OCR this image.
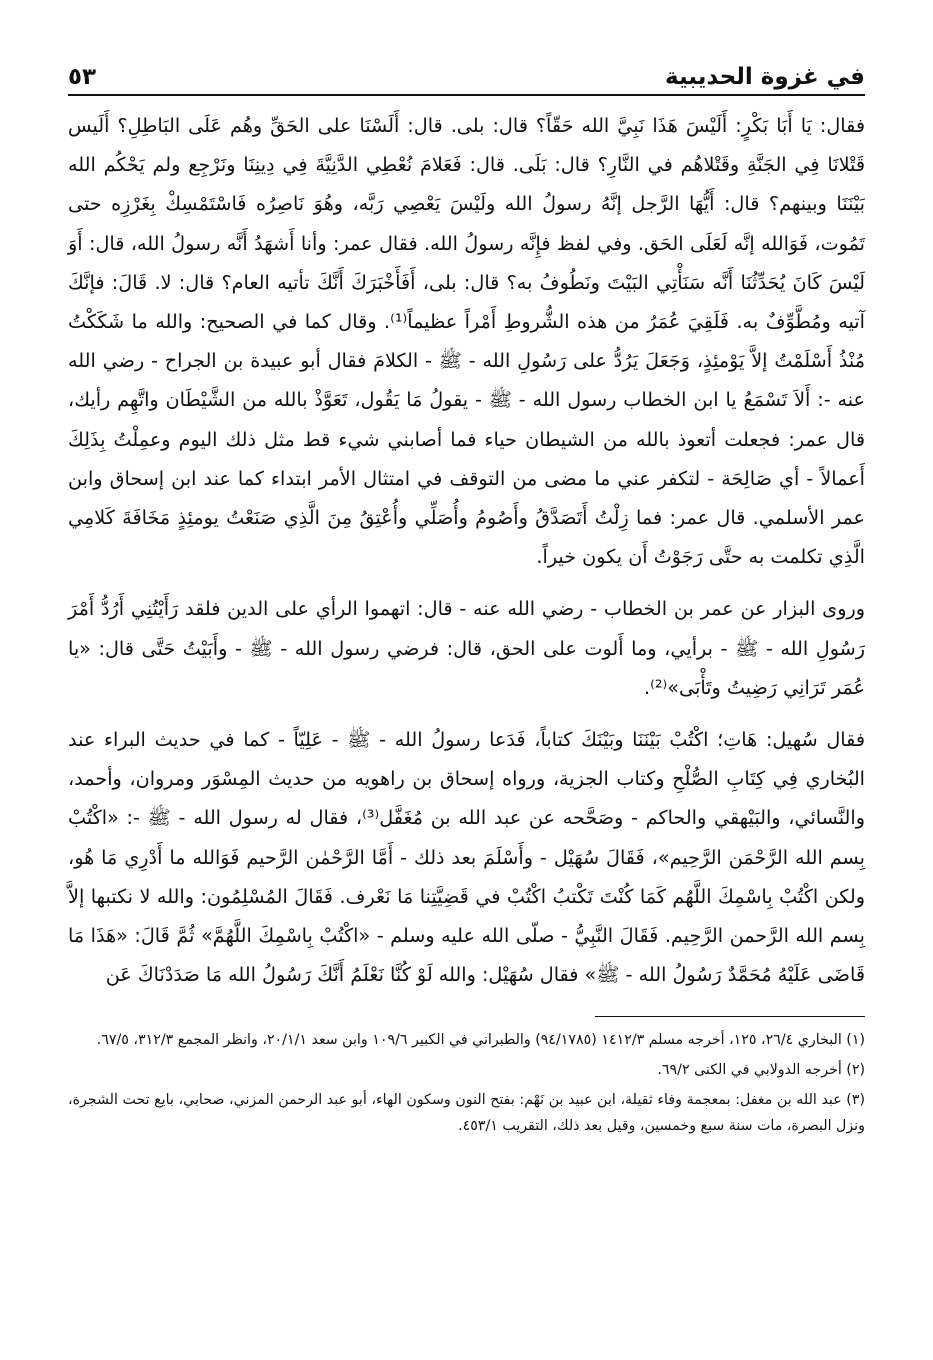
في غزوة الحديبية
٥٣

فقال: يَا أَبَا بَكْرٍ: أَلَيْسَ هَذَا نَبِيَّ الله حَقّاً؟ قال: بلى. قال: أَلَسْنَا على الحَقِّ وهُم عَلَى البَاطِلِ؟ أَلَيس قَتْلانَا فِي الجَنَّةِ وقَتْلاهُم في النَّارِ؟ قال: بَلَى. قال: فَعَلامَ نُعْطِي الدَّنِيَّةَ فِي دِينِنَا ونَرْجِع ولم يَحْكُم الله بَيْنَنَا وبينهم؟ قال: أَيُّهَا الرَّجل إنَّهُ رسولُ الله ولَيْسَ يَعْصِي رَبَّه، وهُوَ نَاصِرُه فَاسْتَمْسِكْ بِغَرْزِه حتى تَمُوت، فَوَالله إنَّه لَعَلَى الحَق. وفي لفظ فإِنَّه رسولُ الله. فقال عمر: وأنا أَشهَدُ أَنَّه رسولُ الله، قال: أَوَ لَيْسَ كَانَ يُحَدِّثُنَا أَنَّه سَنَأْتِي البَيْتَ ونَطُوفُ به؟ قال: بلى، أَفَأَخْبَرَكَ أَنَّكَ تأتيه العام؟ قال: لا. قَالَ: فإنَّكَ آتيه ومُطَّوِّفٌ به. فَلَقِيَ عُمَرُ من هذه الشُّروطِ أَمْراً عظيماً⁽¹⁾. وقال كما في الصحيح: والله ما شَكَكْتُ مُنْذُ أَسْلَمْتُ إلاَّ يَوْمئِذٍ، وَجَعَلَ يَرُدُّ على رَسُولِ الله - ﷺ - الكلامَ فقال أبو عبيدة بن الجراح - رضي الله عنه -: أَلاَ تَسْمَعُ يا ابن الخطاب رسول الله - ﷺ - يقولُ مَا يَقُول، تَعَوَّذْ بالله من الشَّيْطَان واتَّهِم رأيك، قال عمر: فجعلت أتعوذ بالله من الشيطان حياء فما أصابني شيء قط مثل ذلك اليوم وعمِلْتُ بِذَلِكَ أَعمالاً - أي صَالِحَة - لتكفر عني ما مضى من التوقف في امتثال الأمر ابتداء كما عند ابن إسحاق وابن عمر الأسلمي. قال عمر: فما زِلْتُ أَتَصَدَّقُ وأَصُومُ وأُصَلِّي وأُعْتِقُ مِنَ الَّذِي صَنَعْتُ يومئِذٍ مَخَافَةَ كَلامِي الَّذِي تكلمت به حتَّى رَجَوْتُ أَن يكون خيراً.

وروى البزار عن عمر بن الخطاب - رضي الله عنه - قال: اتهموا الرأي على الدين فلقد رَأَيْتُنِي أَرُدُّ أَمْرَ رَسُولِ الله - ﷺ - برأيي، وما أَلوت على الحق، قال: فرضي رسول الله - ﷺ - وأَبَيْتُ حَتَّى قال: «يا عُمَر تَرَانِي رَضِيتُ وتَأْبَى»⁽²⁾.

فقال سُهيل: هَاتِ؛ اكْتُبْ بَيْنَنَا وبَيْنَكَ كتاباً، فَدَعا رسولُ الله - ﷺ - عَلِيّاً - كما في حديث البراء عند البُخاري فِي كِتَابِ الصُّلْحِ وكتاب الجزية، ورواه إسحاق بن راهويه من حديث المِسْوَر ومروان، وأحمد، والنَّسائي، والبَيْهقي والحاكم - وصَحَّحه عن عبد الله بن مُغَفَّل⁽³⁾، فقال له رسول الله - ﷺ -: «اكْتُبْ بِسم الله الرَّحْمَن الرَّحِيم»، فَقَالَ سُهَيْل - وأَسْلَمَ بعد ذلك - أَمَّا الرَّحْمٰن الرَّحيم فَوَالله ما أَدْرِي مَا هُو، ولكن اكْتُبْ بِاسْمِكَ اللَّهُم كَمَا كُنْتَ تَكْتبُ اكْتُبْ في قَضِيَّتِنا مَا نَعْرف. فَقَالَ المُسْلِمُون: والله لا نكتبها إلاَّ بِسم الله الرَّحمن الرَّحِيم. فَقَالَ النَّبِيُّ - صلّى الله عليه وسلم - «اكْتُبْ بِاسْمِكَ اللَّهُمَّ» ثُمَّ قَالَ: «هَذَا مَا قَاضَى عَلَيْهُ مُحَمَّدٌ رَسُولُ الله - ﷺ» فقال سُهَيْل: والله لَوْ كُنَّا نَعْلَمُ أَنَّكَ رَسُولُ الله مَا صَدَدْنَاكَ عَن

(١) البخاري ٢٦/٤، ١٢٥، أخرجه مسلم ١٤١٢/٣ (٩٤/١٧٨٥) والطبراني في الكبير ١٠٩/٦ وابن سعد ٢٠/١/١، وانظر المجمع ٣١٢/٣، ٦٧/٥.

(٢) أخرجه الدولابي في الكنى ٦٩/٢.

(٣) عبد الله بن مغفل: بمعجمة وفاء ثقيلة، ابن عبيد بن نَهْم: بفتح النون وسكون الهاء، أبو عبد الرحمن المزني، صحابي، بايع تحت الشجرة، ونزل البصرة، مات سنة سبع وخمسين، وقيل بعد ذلك، التقريب ٤٥٣/١.
